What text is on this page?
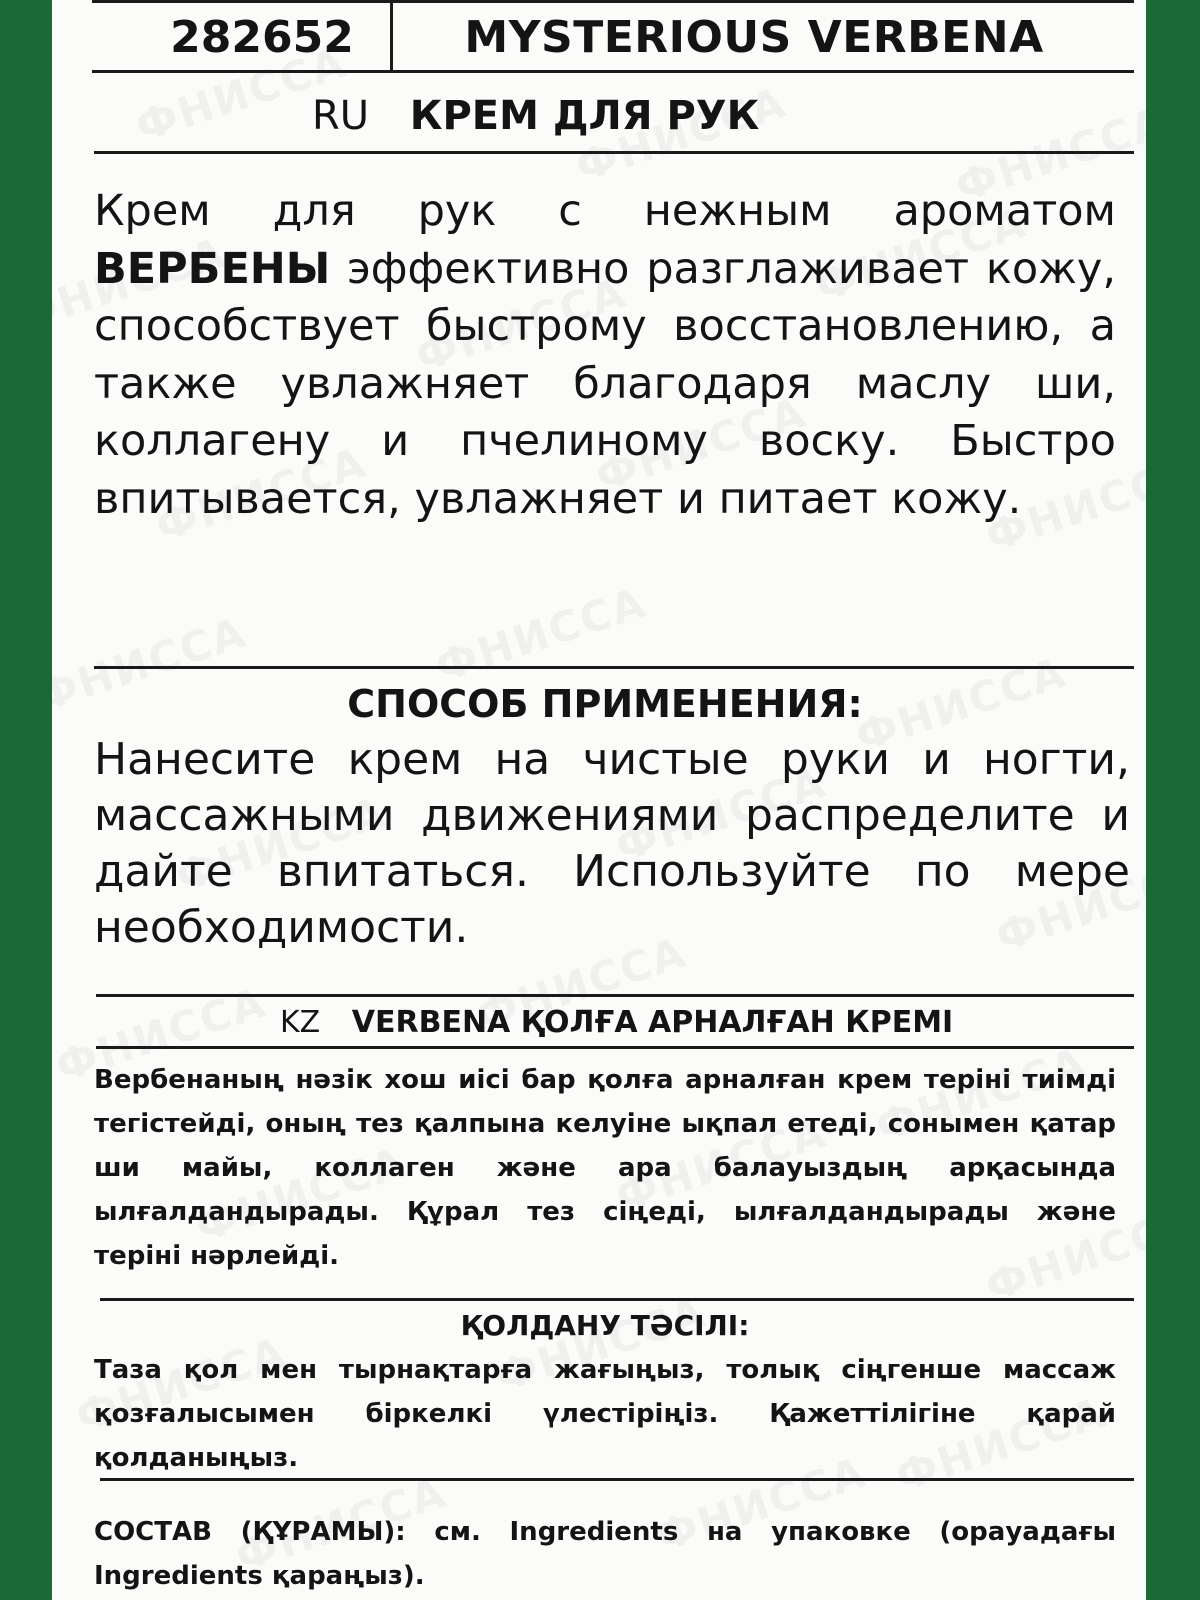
282652	MYSTERIOUS VERBENA
RU КРЕМ ДЛЯ РУК

Крем для рук с нежным ароматом ВЕРБЕНЫ эффективно разглаживает кожу, способствует быстрому восстановлению, а также увлажняет благодаря маслу ши, коллагену и пчелиному воску. Быстро впитывается, увлажняет и питает кожу.

СПОСОБ ПРИМЕНЕНИЯ:

Нанесите крем на чистые руки и ногти, массажными движениями распределите и дайте впитаться. Используйте по мере необходимости.

KZ VERBENA ҚОЛҒА АРНАЛҒАН КРЕМІ

Вербенаның нәзік хош иісі бар қолға арналған крем теріні тиімді тегістейді, оның тез қалпына келуіне ықпал етеді, сонымен қатар ши майы, коллаген және ара балауыздың арқасында ылғалдандырады. Құрал тез сіңеді, ылғалдандырады және теріні нәрлейді.

ҚОЛДАНУ ТӘСІЛІ:

Таза қол мен тырнақтарға жағыңыз, толық сіңгенше массаж қозғалысымен біркелкі үлестіріңіз. Қажеттілігіне қарай қолданыңыз.

СОСТАВ (ҚҰРАМЫ): см. Ingredients на упаковке (орауадағы Ingredients қараңыз).
